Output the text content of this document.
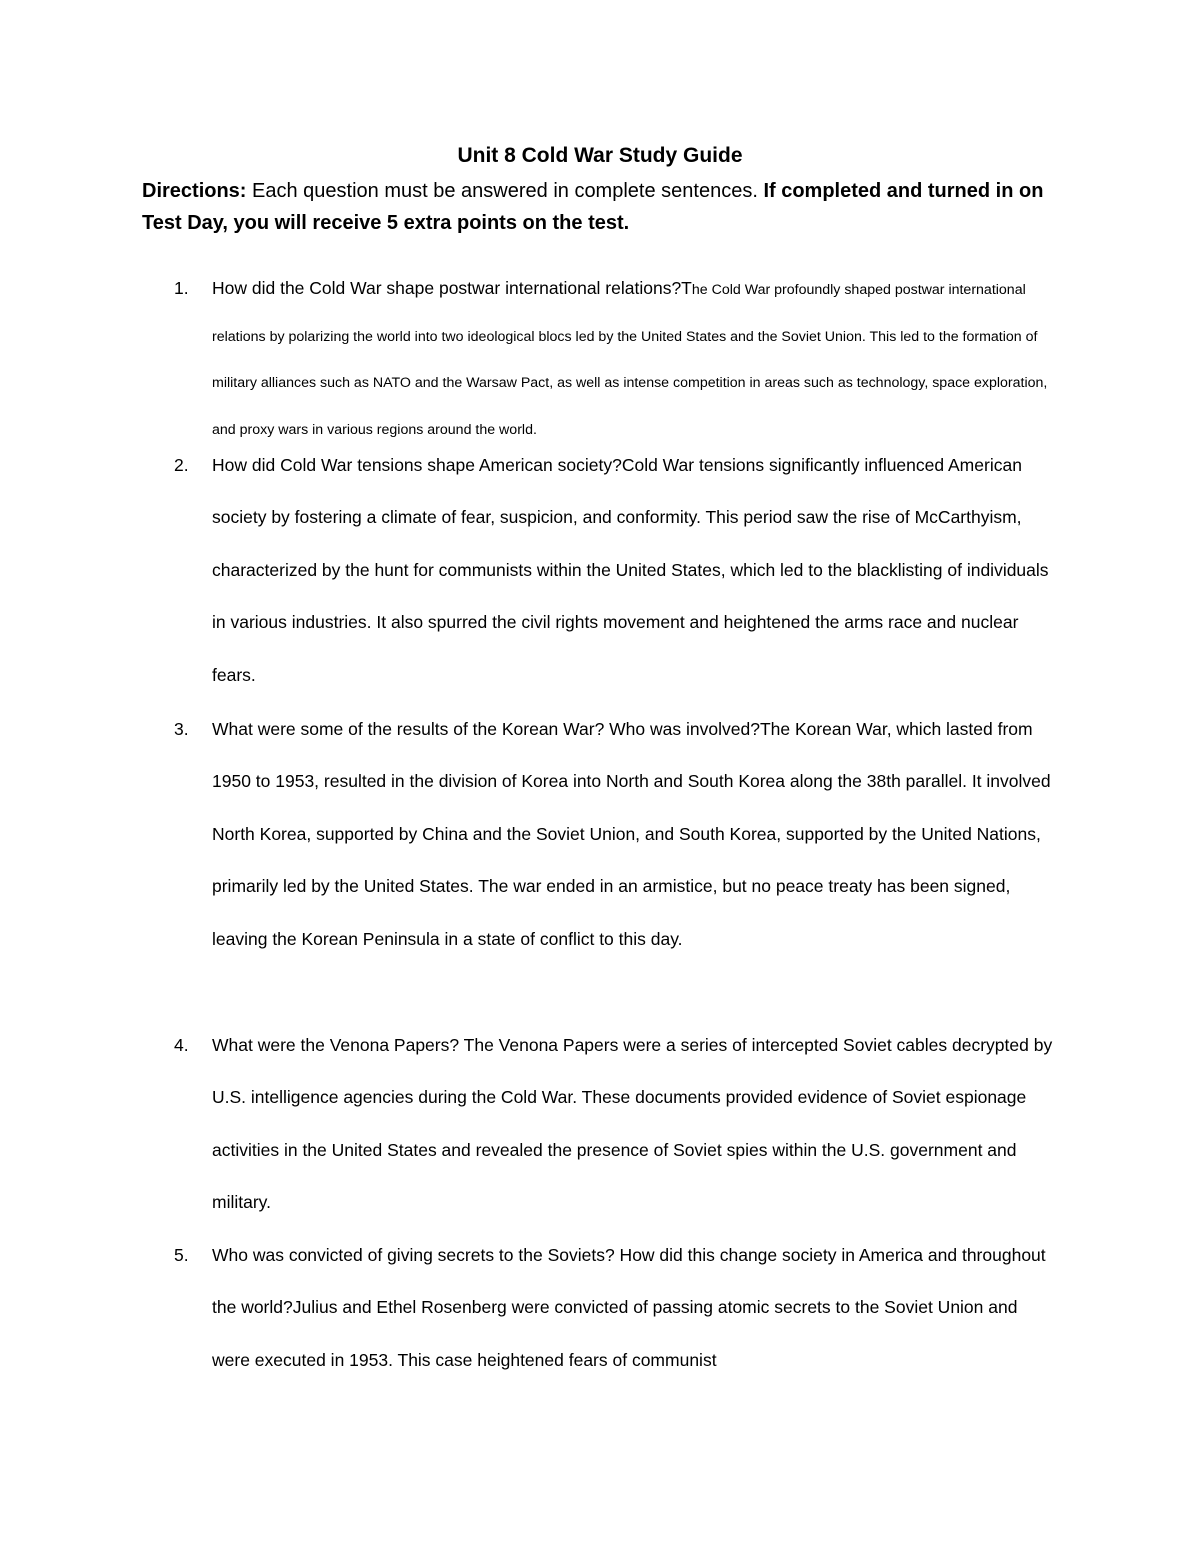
Unit 8 Cold War Study Guide
Directions: Each question must be answered in complete sentences. If completed and turned in on Test Day, you will receive 5 extra points on the test.
1.	How did the Cold War shape postwar international relations?The Cold War profoundly shaped postwar international relations by polarizing the world into two ideological blocs led by the United States and the Soviet Union. This led to the formation of military alliances such as NATO and the Warsaw Pact, as well as intense competition in areas such as technology, space exploration, and proxy wars in various regions around the world.

2.	How did Cold War tensions shape American society?Cold War tensions significantly influenced American society by fostering a climate of fear, suspicion, and conformity. This period saw the rise of McCarthyism, characterized by the hunt for communists within the United States, which led to the blacklisting of individuals in various industries. It also spurred the civil rights movement and heightened the arms race and nuclear fears.

3.	What were some of the results of the Korean War? Who was involved?The Korean War, which lasted from 1950 to 1953, resulted in the division of Korea into North and South Korea along the 38th parallel. It involved North Korea, supported by China and the Soviet Union, and South Korea, supported by the United Nations, primarily led by the United States. The war ended in an armistice, but no peace treaty has been signed, leaving the Korean Peninsula in a state of conflict to this day.

4.	What were the Venona Papers? The Venona Papers were a series of intercepted Soviet cables decrypted by U.S. intelligence agencies during the Cold War. These documents provided evidence of Soviet espionage activities in the United States and revealed the presence of Soviet spies within the U.S. government and military.

5.	Who was convicted of giving secrets to the Soviets? How did this change society in America and throughout the world?Julius and Ethel Rosenberg were convicted of passing atomic secrets to the Soviet Union and were executed in 1953. This case heightened fears of communist
